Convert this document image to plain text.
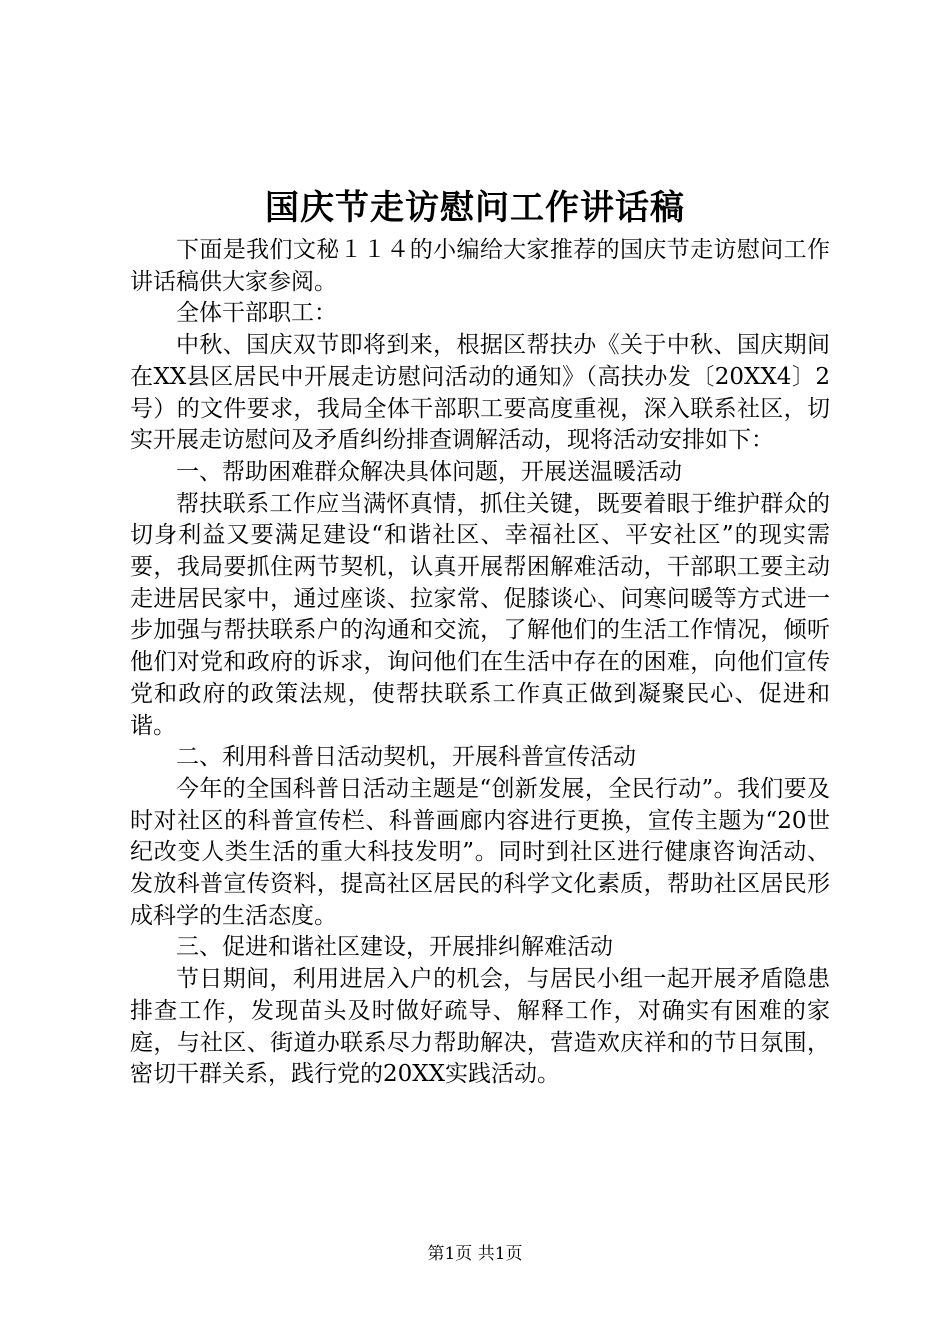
国庆节走访慰问工作讲话稿

下面是我们文秘１１４的小编给大家推荐的国庆节走访慰问工作讲话稿供大家参阅。

全体干部职工：

中秋、国庆双节即将到来，根据区帮扶办《关于中秋、国庆期间在XX县区居民中开展走访慰问活动的通知》（高扶办发〔20XX4〕2号）的文件要求，我局全体干部职工要高度重视，深入联系社区，切实开展走访慰问及矛盾纠纷排查调解活动，现将活动安排如下：

一、帮助困难群众解决具体问题，开展送温暖活动

帮扶联系工作应当满怀真情，抓住关键，既要着眼于维护群众的切身利益又要满足建设“和谐社区、幸福社区、平安社区”的现实需要，我局要抓住两节契机，认真开展帮困解难活动，干部职工要主动走进居民家中，通过座谈、拉家常、促膝谈心、问寒问暖等方式进一步加强与帮扶联系户的沟通和交流，了解他们的生活工作情况，倾听他们对党和政府的诉求，询问他们在生活中存在的困难，向他们宣传党和政府的政策法规，使帮扶联系工作真正做到凝聚民心、促进和谐。

二、利用科普日活动契机，开展科普宣传活动

今年的全国科普日活动主题是“创新发展，全民行动”。我们要及时对社区的科普宣传栏、科普画廊内容进行更换，宣传主题为“20世纪改变人类生活的重大科技发明”。同时到社区进行健康咨询活动、发放科普宣传资料，提高社区居民的科学文化素质，帮助社区居民形成科学的生活态度。

三、促进和谐社区建设，开展排纠解难活动

节日期间，利用进居入户的机会，与居民小组一起开展矛盾隐患排查工作，发现苗头及时做好疏导、解释工作，对确实有困难的家庭，与社区、街道办联系尽力帮助解决，营造欢庆祥和的节日氛围，密切干群关系，践行党的20XX实践活动。

第1页 共1页
